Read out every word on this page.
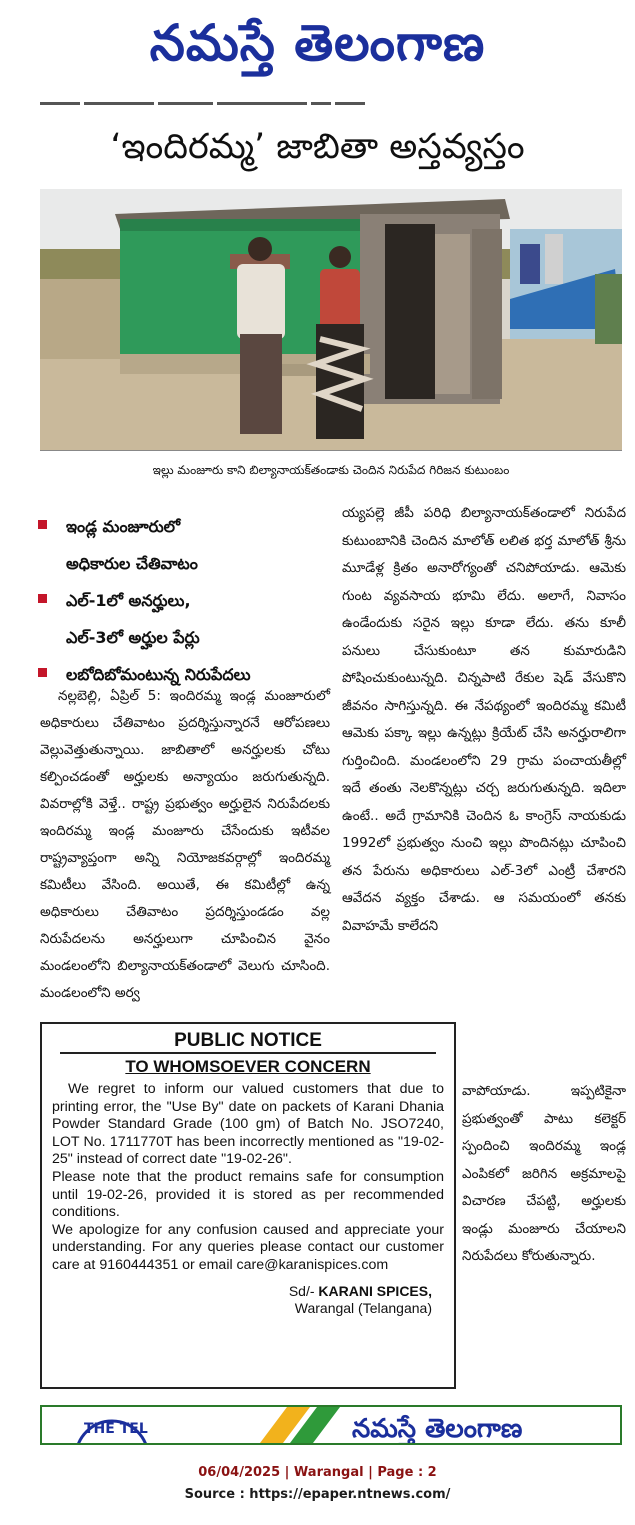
నమస్తే తెలంగాణ
‘ఇందిరమ్మ’ జాబితా అస్తవ్యస్తం
ఇల్లు మంజూరు కాని బిల్యానాయక్‌తండాకు చెందిన నిరుపేద గిరిజన కుటుంబం
ఇండ్ల మంజూరులో
అధికారుల చేతివాటం
ఎల్‌-1లో అనర్హులు,
ఎల్‌-3లో అర్హుల పేర్లు
లబోదిబోమంటున్న నిరుపేదలు
నల్లబెల్లి, ఏప్రిల్‌ 5: ఇందిరమ్మ ఇండ్ల మంజూరులో అధికారులు చేతివాటం ప్రదర్శిస్తున్నారనే ఆరోపణలు వెల్లువెత్తుతున్నాయి. జాబితాలో అనర్హులకు చోటు కల్పించడంతో అర్హులకు అన్యాయం జరుగుతున్నది. వివరాల్లోకి వెళ్తే.. రాష్ట్ర ప్రభుత్వం అర్హులైన నిరుపేదలకు ఇందిరమ్మ ఇండ్ల మంజూరు చేసేందుకు ఇటీవల రాష్ట్రవ్యాప్తంగా అన్ని నియోజకవర్గాల్లో ఇందిరమ్మ కమిటీలు వేసింది. అయితే, ఈ కమిటీల్లో ఉన్న అధికారులు చేతివాటం ప్రదర్శిస్తుండడం వల్ల నిరుపేదలను అనర్హులుగా చూపించిన వైనం మండలంలోని బిల్యానాయక్‌తండాలో వెలుగు చూసింది. మండలంలోని అర్వ
య్యపల్లె జీపీ పరిధి బిల్యానాయక్‌తండాలో నిరుపేద కుటుంబానికి చెందిన మాలోత్‌ లలిత భర్త మాలోత్‌ శ్రీను మూడేళ్ల క్రితం అనారోగ్యంతో చనిపోయాడు. ఆమెకు గుంట వ్యవసాయ భూమి లేదు. అలాగే, నివాసం ఉండేందుకు సరైన ఇల్లు కూడా లేదు. తను కూలీ పనులు చేసుకుంటూ తన కుమారుడిని పోషించుకుంటున్నది. చిన్నపాటి రేకుల షెడ్‌ వేసుకొని జీవనం సాగిస్తున్నది. ఈ నేపథ్యంలో ఇందిరమ్మ కమిటీ ఆమెకు పక్కా ఇల్లు ఉన్నట్లు క్రియేట్‌ చేసి అనర్హురాలిగా గుర్తించింది. మండలంలోని 29 గ్రామ పంచాయతీల్లో ఇదే తంతు నెలకొన్నట్లు చర్చ జరుగుతున్నది. ఇదిలా ఉంటే.. అదే గ్రామానికి చెందిన ఓ కాంగ్రెస్‌ నాయకుడు 1992లో ప్రభుత్వం నుంచి ఇల్లు పొందినట్లు చూపించి తన పేరును అధికారులు ఎల్‌-3లో ఎంట్రీ చేశారని ఆవేదన వ్యక్తం చేశాడు. ఆ సమయంలో తనకు వివాహమే కాలేదని
వాపోయాడు. ఇప్పటికైనా ప్రభుత్వంతో పాటు కలెక్టర్‌ స్పందించి ఇందిరమ్మ ఇండ్ల ఎంపికలో జరిగిన అక్రమాలపై విచారణ చేపట్టి, అర్హులకు ఇండ్లు మంజూరు చేయాలని నిరుపేదలు కోరుతున్నారు.
PUBLIC NOTICE
TO WHOMSOEVER CONCERN

We regret to inform our valued customers that due to printing error, the "Use By" date on packets of Karani Dhania Powder Standard Grade (100 gm) of Batch No. JSO7240, LOT No. 1711770T has been incorrectly mentioned as "19-02-25" instead of correct date "19-02-26".

Please note that the product remains safe for consumption until 19-02-26, provided it is stored as per recommended conditions.

We apologize for any confusion caused and appreciate your understanding. For any queries please contact our customer care at 9160444351 or email care@karanispices.com

Sd/- KARANI SPICES,
Warangal (Telangana)
THE TEL	నమస్తే తెలంగాణ
06/04/2025 | Warangal | Page : 2
Source : https://epaper.ntnews.com/
